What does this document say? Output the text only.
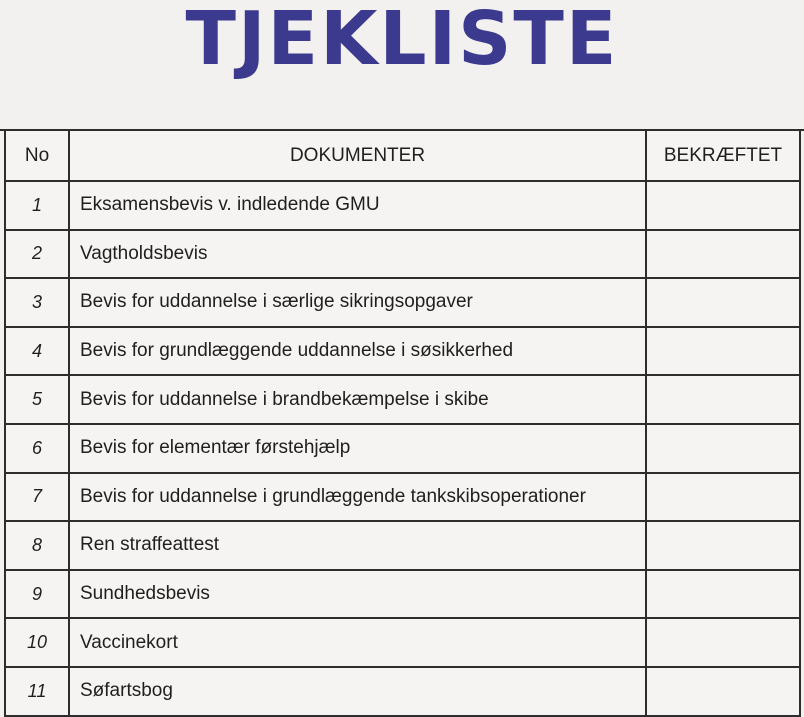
TJEKLISTE
No	DOKUMENTER	BEKRÆFTET
1	Eksamensbevis v. indledende GMU	
2	Vagtholdsbevis	
3	Bevis for uddannelse i særlige sikringsopgaver	
4	Bevis for grundlæggende uddannelse i søsikkerhed	
5	Bevis for uddannelse i brandbekæmpelse i skibe	
6	Bevis for elementær førstehjælp	
7	Bevis for uddannelse i grundlæggende tankskibsoperationer	
8	Ren straffeattest	
9	Sundhedsbevis	
10	Vaccinekort	
11	Søfartsbog	
